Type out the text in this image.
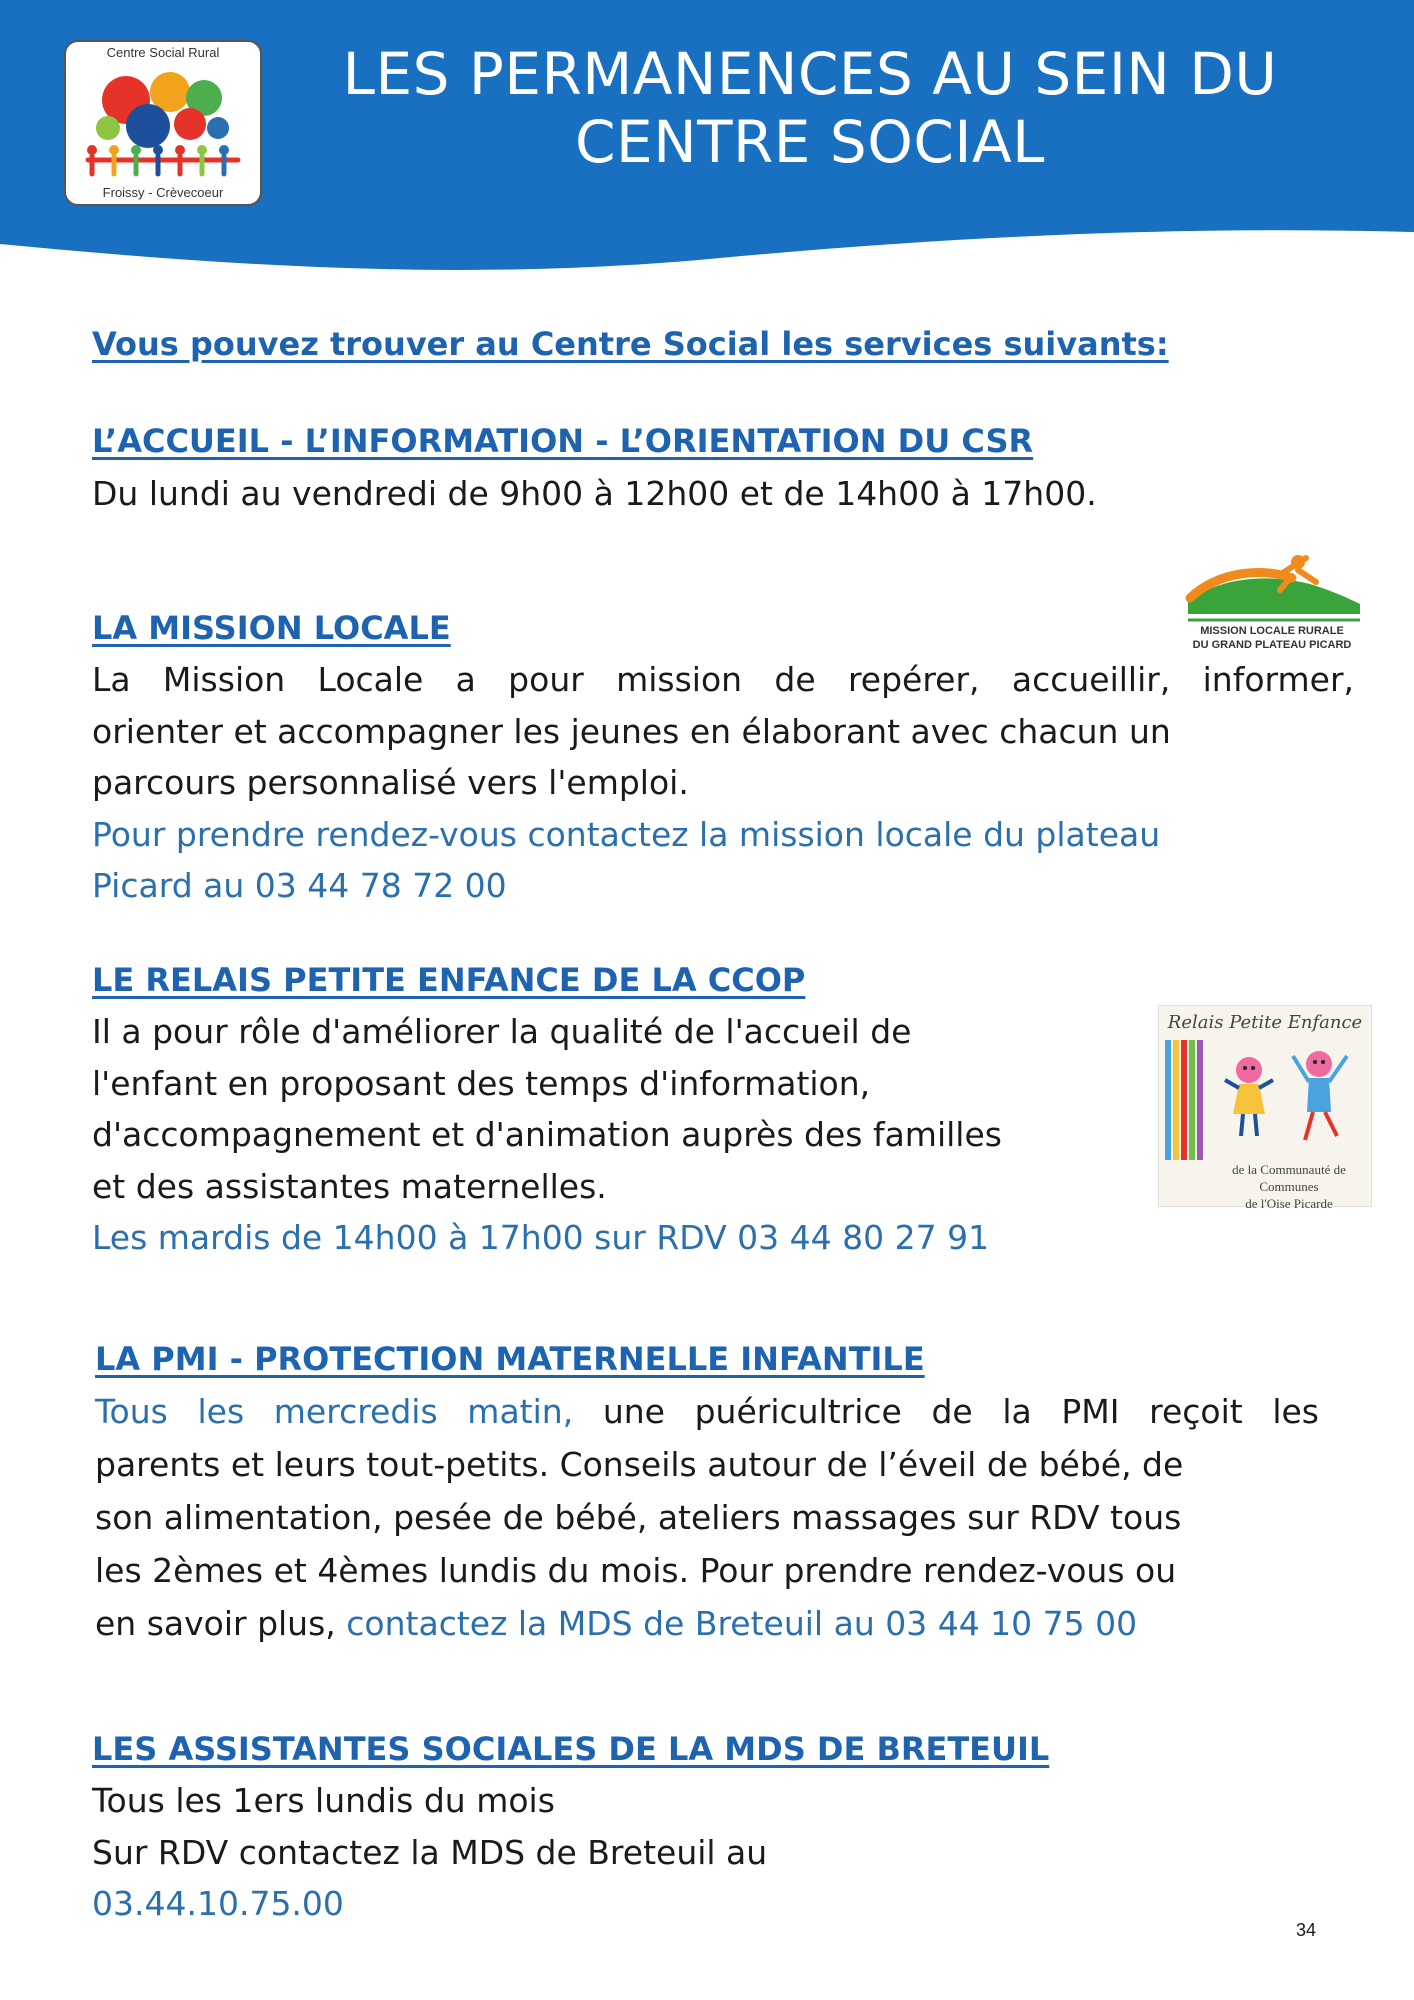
Centre Social Rural
Froissy - Crèvecoeur
LES PERMANENCES AU SEIN DU
CENTRE SOCIAL

Vous pouvez trouver au Centre Social les services suivants:

L’ACCUEIL - L’INFORMATION - L’ORIENTATION DU CSR

Du lundi au vendredi de 9h00 à 12h00 et de 14h00 à 17h00.

MISSION LOCALE RURALE
DU GRAND PLATEAU PICARD

LA MISSION LOCALE

La Mission Locale a pour mission de repérer, accueillir, informer,
orienter et accompagner les jeunes en élaborant avec chacun un
parcours personnalisé vers l'emploi.
Pour prendre rendez-vous contactez la mission locale du plateau
Picard au 03 44 78 72 00

LE RELAIS PETITE ENFANCE DE LA CCOP

Il a pour rôle d'améliorer la qualité de l'accueil de
l'enfant en proposant des temps d'information,
d'accompagnement et d'animation auprès des familles
et des assistantes maternelles.
Les mardis de 14h00 à 17h00 sur RDV 03 44 80 27 91

Relais Petite Enfance
de la Communauté de Communes
de l'Oise Picarde

LA PMI - PROTECTION MATERNELLE INFANTILE

Tous les mercredis matin, une puéricultrice de la PMI reçoit les
parents et leurs tout-petits. Conseils autour de l’éveil de bébé, de
son alimentation, pesée de bébé, ateliers massages sur RDV tous
les 2èmes et 4èmes lundis du mois. Pour prendre rendez-vous ou
en savoir plus, contactez la MDS de Breteuil au 03 44 10 75 00

LES ASSISTANTES SOCIALES DE LA MDS DE BRETEUIL

Tous les 1ers lundis du mois
Sur RDV contactez la MDS de Breteuil au
03.44.10.75.00

34
